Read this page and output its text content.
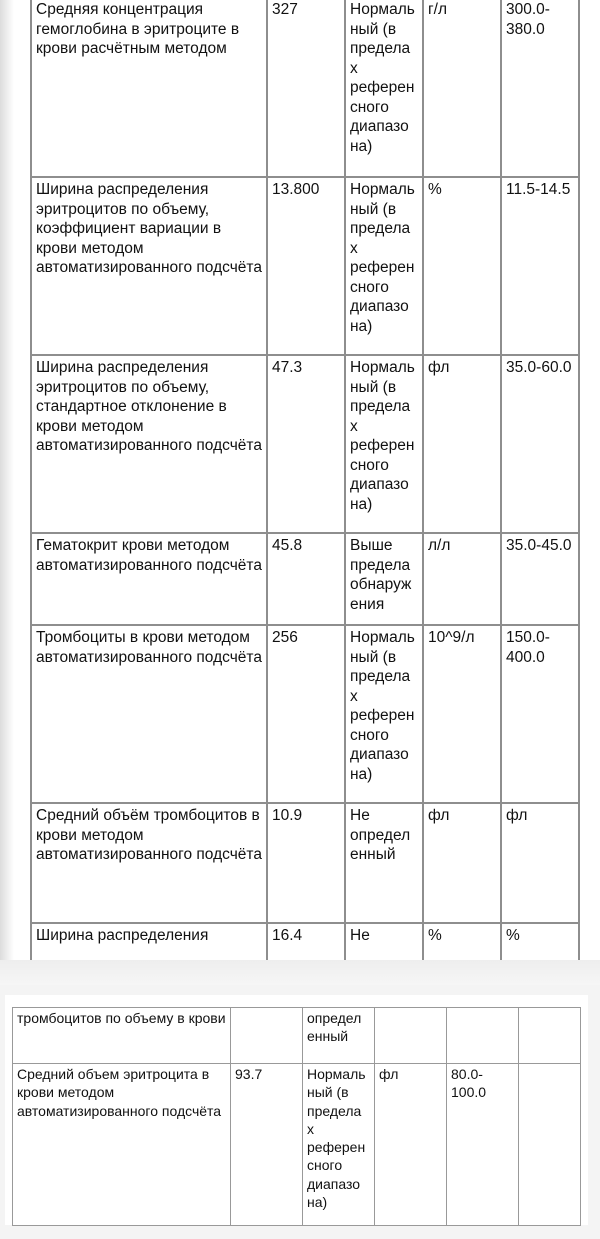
Средняя концентрация гемоглобина в эритроците в крови расчётным методом	327	Нормаль ный (в предела х референ сного диапазо на)	г/л	300.0- 380.0
Ширина распределения эритроцитов по объему, коэффициент вариации в крови методом автоматизированного подсчёта	13.800	Нормаль ный (в предела х референ сного диапазо на)	%	11.5-14.5
Ширина распределения эритроцитов по объему, стандартное отклонение в крови методом автоматизированного подсчёта	47.3	Нормаль ный (в предела х референ сного диапазо на)	фл	35.0-60.0
Гематокрит крови методом автоматизированного подсчёта	45.8	Выше предела обнаруж ения	л/л	35.0-45.0
Тромбоциты в крови методом автоматизированного подсчёта	256	Нормаль ный (в предела х референ сного диапазо на)	10^9/л	150.0- 400.0
Средний объём тромбоцитов в крови методом автоматизированного подсчёта	10.9	Не определ енный	фл	фл
Ширина распределения	16.4	Не	%	%
тромбоцитов по объему в крови		определ енный			
Средний объем эритроцита в крови методом автоматизированного подсчёта	93.7	Нормаль ный (в предела х референ сного диапазо на)	фл	80.0- 100.0	
